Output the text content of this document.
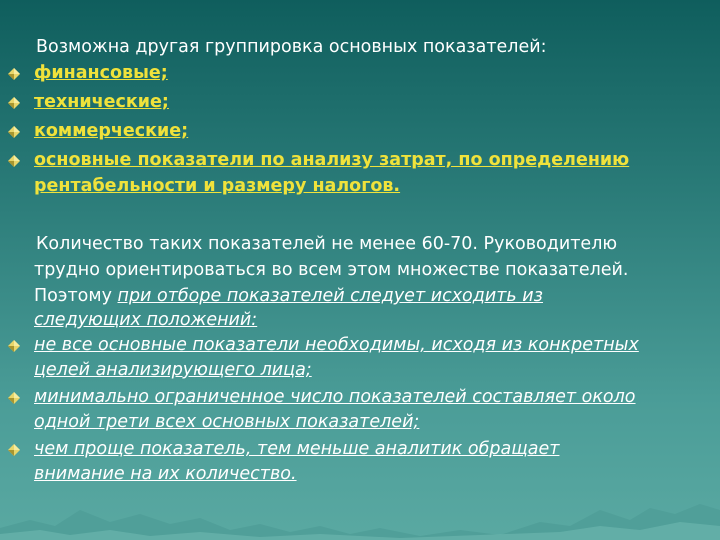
Возможна другая группировка основных показателей:
финансовые;
технические;
коммерческие;
основные показатели по анализу затрат, по определению
рентабельности и размеру налогов.
Количество таких показателей не менее 60-70. Руководителю
трудно ориентироваться во всем этом множестве показателей.
Поэтому при отборе показателей следует исходить из
следующих положений:
не все основные показатели необходимы, исходя из конкретных
целей анализирующего лица;
минимально ограниченное число показателей составляет около
одной трети всех основных показателей;
чем проще показатель, тем меньше аналитик обращает
внимание на их количество.
